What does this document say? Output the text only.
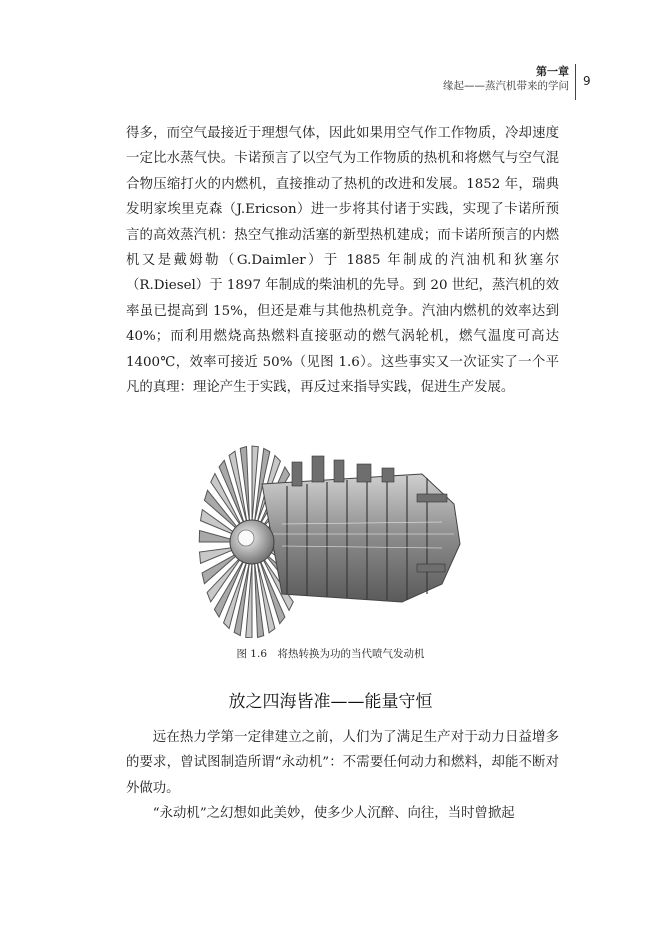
第一章
缘起——蒸汽机带来的学问 9

得多，而空气最接近于理想气体，因此如果用空气作工作物质，冷却速度一定比水蒸气快。卡诺预言了以空气为工作物质的热机和将燃气与空气混合物压缩打火的内燃机，直接推动了热机的改进和发展。1852 年，瑞典发明家埃里克森（J.Ericson）进一步将其付诸于实践，实现了卡诺所预言的高效蒸汽机：热空气推动活塞的新型热机建成；而卡诺所预言的内燃机又是戴姆勒（G.Daimler）于 1885 年制成的汽油机和狄塞尔（R.Diesel）于 1897 年制成的柴油机的先导。到 20 世纪，蒸汽机的效率虽已提高到 15%，但还是难与其他热机竞争。汽油内燃机的效率达到 40%；而利用燃烧高热燃料直接驱动的燃气涡轮机，燃气温度可高达 1400℃，效率可接近 50%（见图 1.6）。这些事实又一次证实了一个平凡的真理：理论产生于实践，再反过来指导实践，促进生产发展。

图 1.6　将热转换为功的当代喷气发动机
放之四海皆准——能量守恒

远在热力学第一定律建立之前，人们为了满足生产对于动力日益增多的要求，曾试图制造所谓“永动机”：不需要任何动力和燃料，却能不断对外做功。

“永动机”之幻想如此美妙，使多少人沉醉、向往，当时曾掀起
